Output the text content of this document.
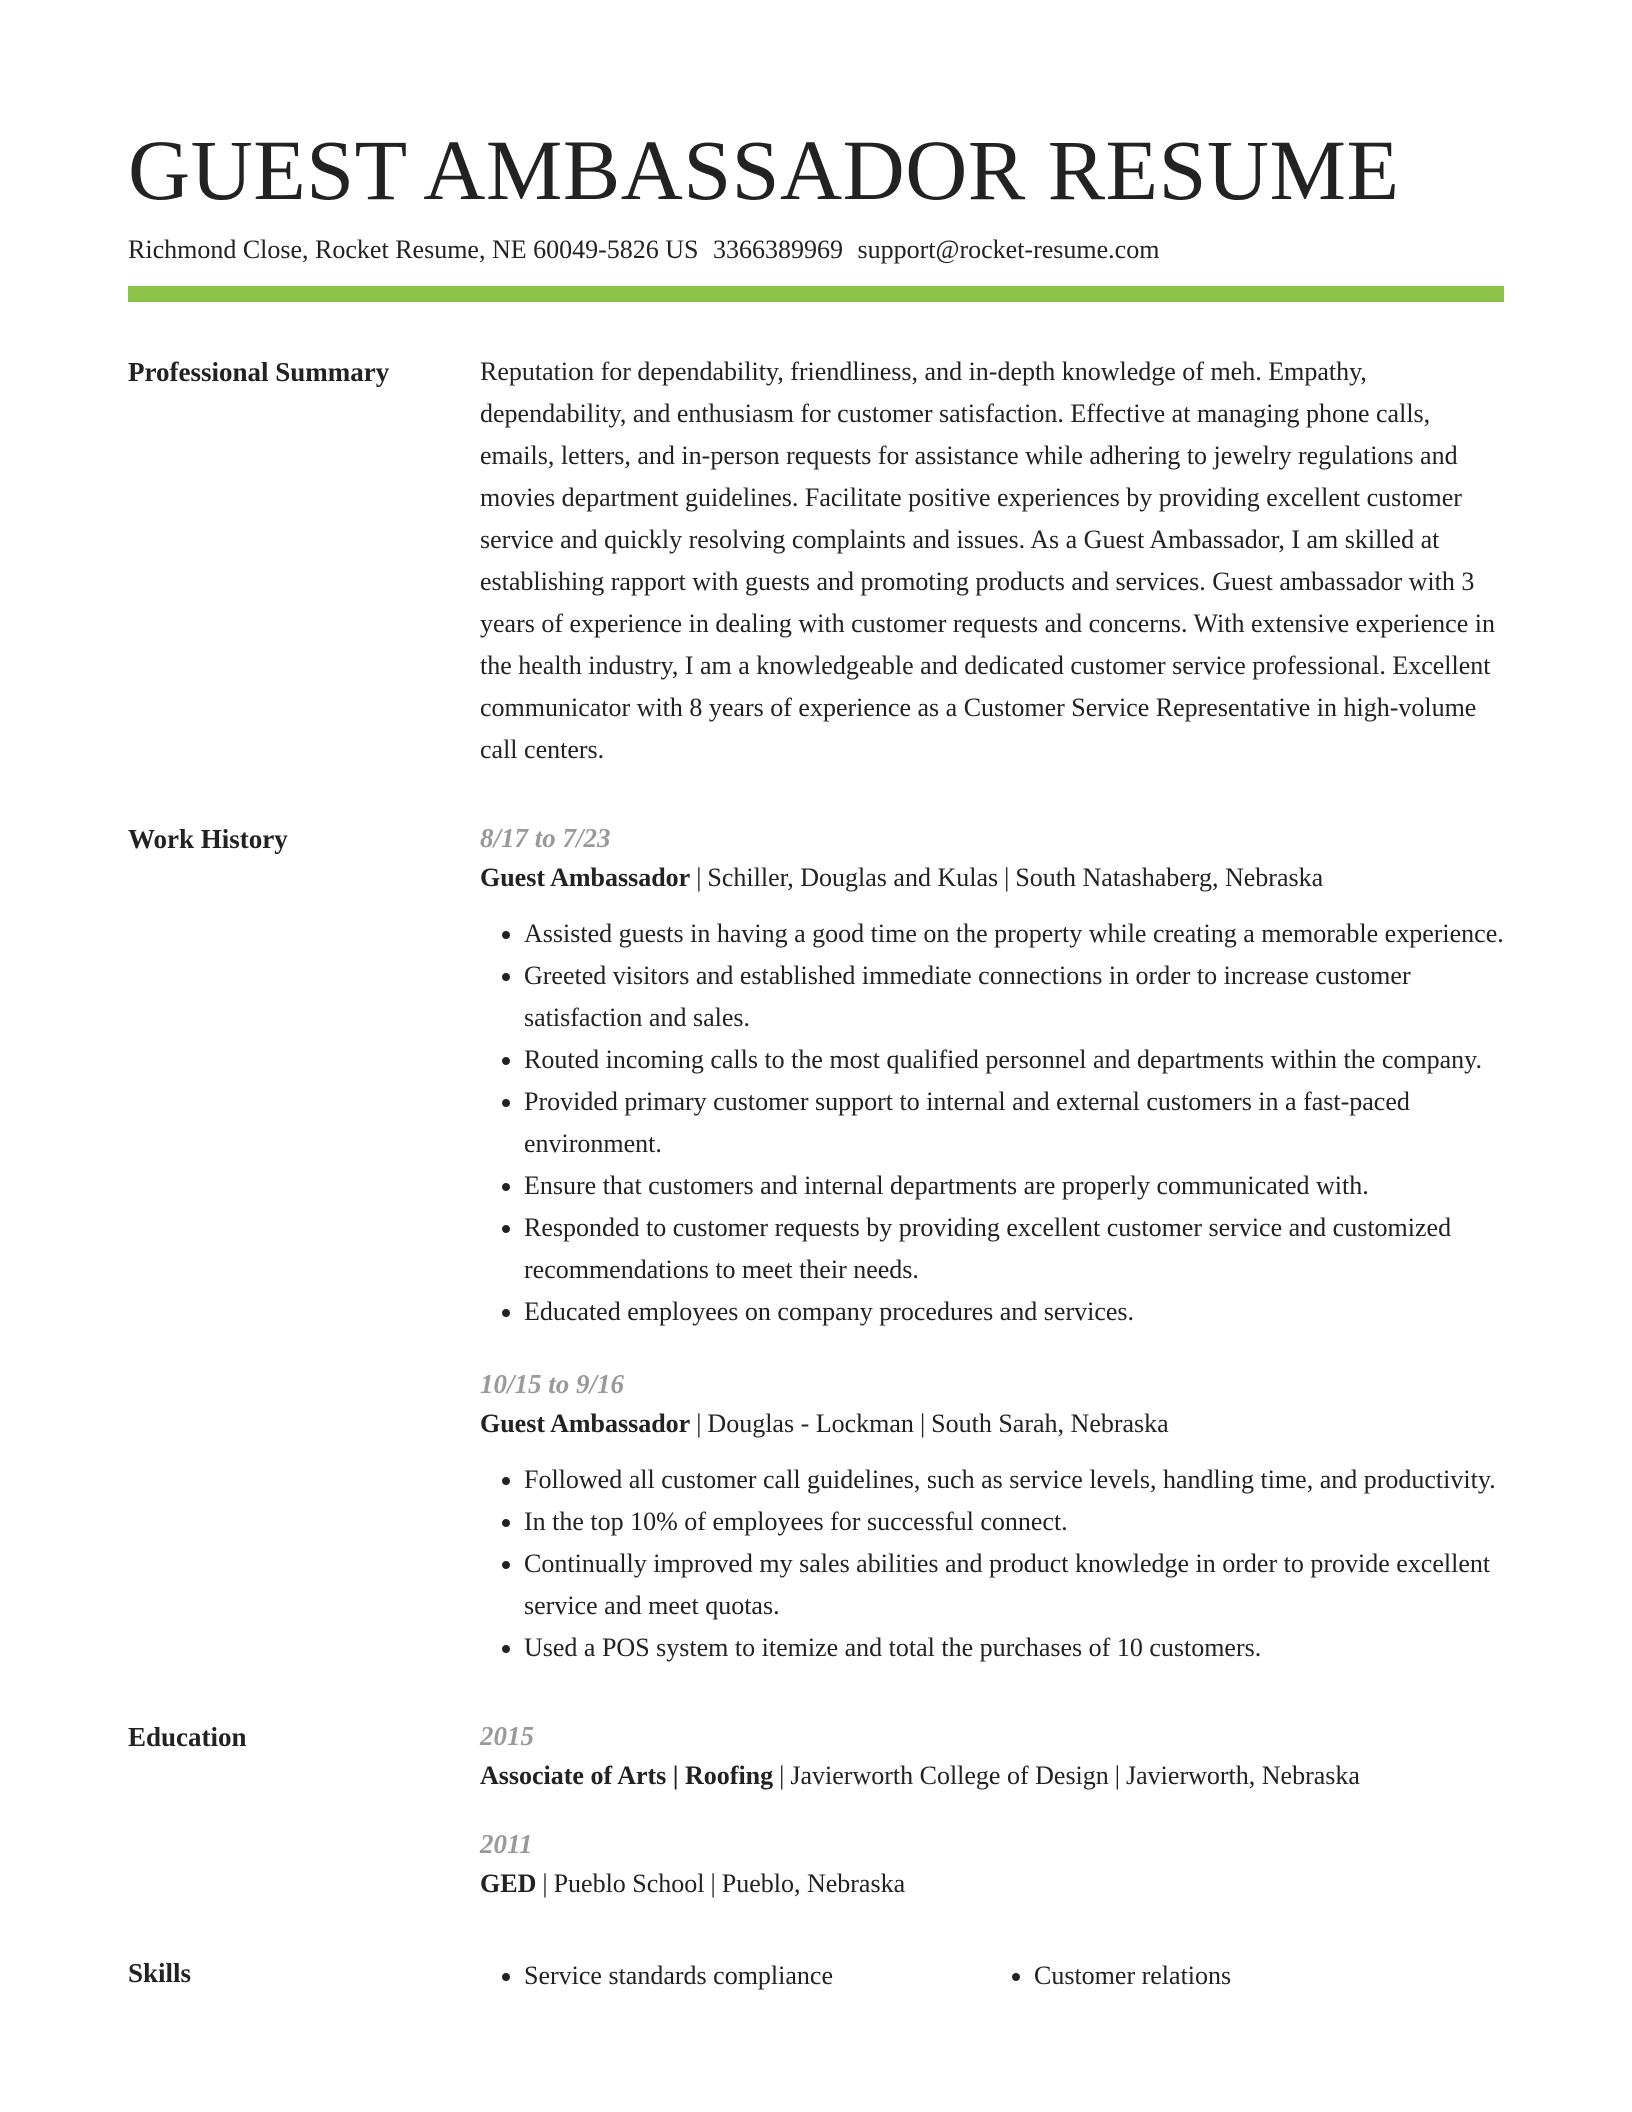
GUEST AMBASSADOR RESUME
Richmond Close, Rocket Resume, NE 60049-5826 US 3366389969 support@rocket-resume.com
Professional Summary	Reputation for dependability, friendliness, and in-depth knowledge of meh. Empathy, dependability, and enthusiasm for customer satisfaction. Effective at managing phone calls, emails, letters, and in-person requests for assistance while adhering to jewelry regulations and movies department guidelines. Facilitate positive experiences by providing excellent customer service and quickly resolving complaints and issues. As a Guest Ambassador, I am skilled at establishing rapport with guests and promoting products and services. Guest ambassador with 3 years of experience in dealing with customer requests and concerns. With extensive experience in the health industry, I am a knowledgeable and dedicated customer service professional. Excellent communicator with 8 years of experience as a Customer Service Representative in high-volume call centers.

Work History	8/17 to 7/23
Guest Ambassador | Schiller, Douglas and Kulas | South Natashaberg, Nebraska
• Assisted guests in having a good time on the property while creating a memorable experience.
• Greeted visitors and established immediate connections in order to increase customer satisfaction and sales.
• Routed incoming calls to the most qualified personnel and departments within the company.
• Provided primary customer support to internal and external customers in a fast-paced environment.
• Ensure that customers and internal departments are properly communicated with.
• Responded to customer requests by providing excellent customer service and customized recommendations to meet their needs.
• Educated employees on company procedures and services.
10/15 to 9/16
Guest Ambassador | Douglas - Lockman | South Sarah, Nebraska
• Followed all customer call guidelines, such as service levels, handling time, and productivity.
• In the top 10% of employees for successful connect.
• Continually improved my sales abilities and product knowledge in order to provide excellent service and meet quotas.
• Used a POS system to itemize and total the purchases of 10 customers.
Education	2015
Associate of Arts | Roofing | Javierworth College of Design | Javierworth, Nebraska
2011
GED | Pueblo School | Pueblo, Nebraska
Skills	• Service standards compliance	• Customer relations
